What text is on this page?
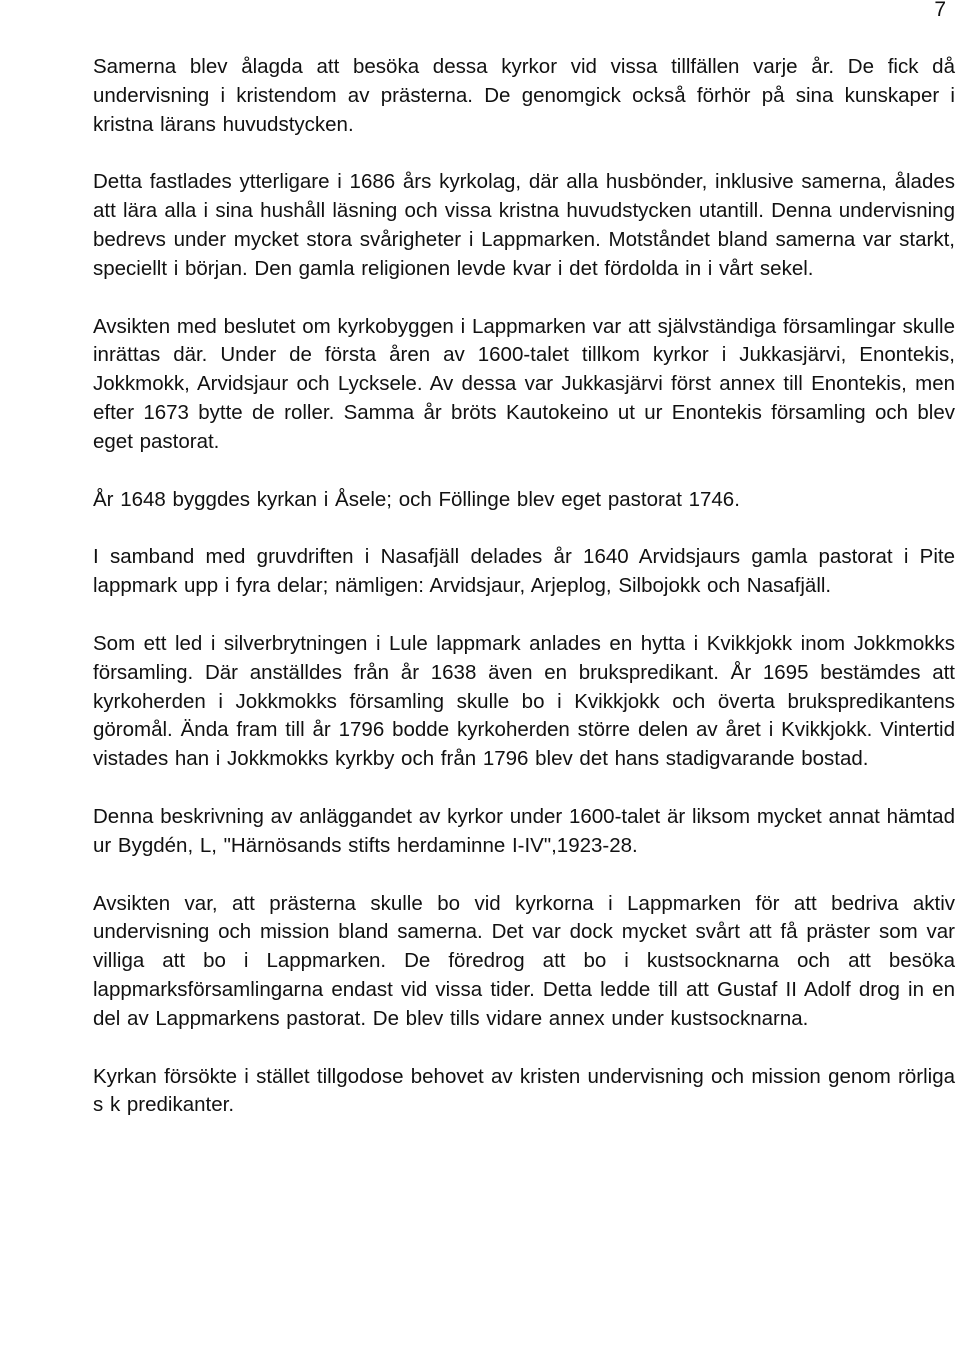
7

Samerna blev ålagda att besöka dessa kyrkor vid vissa tillfällen varje år. De fick då undervisning i kristendom av prästerna. De genomgick också förhör på sina kunskaper i kristna lärans huvudstycken.

Detta fastlades ytterligare i 1686 års kyrkolag, där alla husbönder, inklusive samerna, ålades att lära alla i sina hushåll läsning och vissa kristna huvudstycken utantill. Denna undervisning bedrevs under mycket stora svårigheter i Lappmarken. Motståndet bland samerna var starkt, speciellt i början. Den gamla religionen levde kvar i det fördolda in i vårt sekel.

Avsikten med beslutet om kyrkobyggen i Lappmarken var att självständiga församlingar skulle inrättas där. Under de första åren av 1600-talet tillkom kyrkor i Jukkasjärvi, Enontekis, Jokkmokk, Arvidsjaur och Lycksele. Av dessa var Jukkasjärvi först annex till Enontekis, men efter 1673 bytte de roller. Samma år bröts Kautokeino ut ur Enontekis församling och blev eget pastorat.

År 1648 byggdes kyrkan i Åsele; och Föllinge blev eget pastorat 1746.

I samband med gruvdriften i Nasafjäll delades år 1640 Arvidsjaurs gamla pastorat i Pite lappmark upp i fyra delar; nämligen: Arvidsjaur, Arjeplog, Silbojokk och Nasafjäll.

Som ett led i silverbrytningen i Lule lappmark anlades en hytta i Kvikkjokk inom Jokkmokks församling. Där anställdes från år 1638 även en brukspredikant. År 1695 bestämdes att kyrkoherden i Jokkmokks församling skulle bo i Kvikkjokk och överta brukspredikantens göromål. Ända fram till år 1796 bodde kyrkoherden större delen av året i Kvikkjokk. Vintertid vistades han i Jokkmokks kyrkby och från 1796 blev det hans stadigvarande bostad.

Denna beskrivning av anläggandet av kyrkor under 1600-talet är liksom mycket annat hämtad ur Bygdén, L, "Härnösands stifts herdaminne I-IV",1923-28.

Avsikten var, att prästerna skulle bo vid kyrkorna i Lappmarken för att bedriva aktiv undervisning och mission bland samerna. Det var dock mycket svårt att få präster som var villiga att bo i Lappmarken. De föredrog att bo i kustsocknarna och att besöka lappmarksförsamlingarna endast vid vissa tider. Detta ledde till att Gustaf II Adolf drog in en del av Lappmarkens pastorat. De blev tills vidare annex under kustsocknarna.

Kyrkan försökte i stället tillgodose behovet av kristen undervisning och mission genom rörliga s k predikanter.
